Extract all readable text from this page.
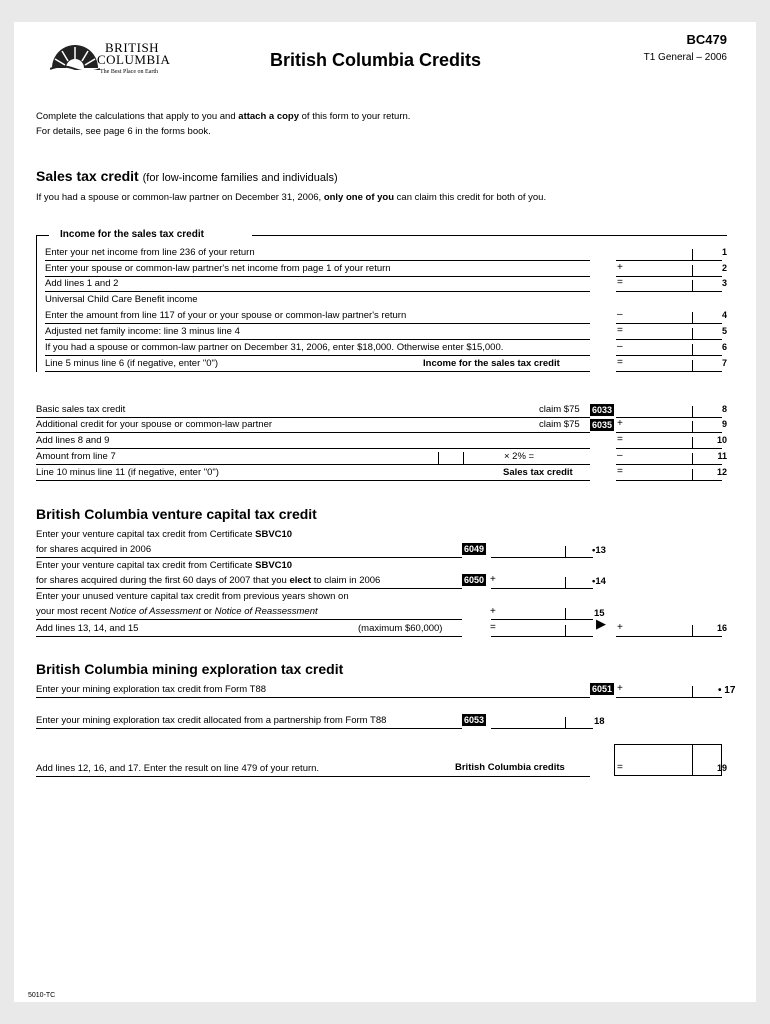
BRITISH
COLUMBIA
The Best Place on Earth
British Columbia Credits
BC479
T1 General – 2006
Complete the calculations that apply to you and attach a copy of this form to your return.
For details, see page 6 in the forms book.
Sales tax credit (for low-income families and individuals)
If you had a spouse or common-law partner on December 31, 2006, only one of you can claim this credit for both of you.
Income for the sales tax credit
Enter your net income from line 236 of your return	1
Enter your spouse or common-law partner's net income from page 1 of your return	+	2
Add lines 1 and 2	=	3
Universal Child Care Benefit income
Enter the amount from line 117 of your or your spouse or common-law partner's return	–	4
Adjusted net family income: line 3 minus line 4	=	5
If you had a spouse or common-law partner on December 31, 2006, enter $18,000. Otherwise enter $15,000.	–	6
Line 5 minus line 6 (if negative, enter "0")	Income for the sales tax credit	=	7
Basic sales tax credit	claim $75 6033	8
Additional credit for your spouse or common-law partner	claim $75 6035 +	9
Add lines 8 and 9	=	10
Amount from line 7	× 2% =	–	11
Line 10 minus line 11 (if negative, enter "0")	Sales tax credit	=	12
British Columbia venture capital tax credit
Enter your venture capital tax credit from Certificate SBVC10
for shares acquired in 2006	6049	•13
Enter your venture capital tax credit from Certificate SBVC10
for shares acquired during the first 60 days of 2007 that you elect to claim in 2006	6050 +	•14
Enter your unused venture capital tax credit from previous years shown on
your most recent Notice of Assessment or Notice of Reassessment	+	15
Add lines 13, 14, and 15	(maximum $60,000)	=	▶ +	16
British Columbia mining exploration tax credit
Enter your mining exploration tax credit from Form T88	6051 +	• 17
Enter your mining exploration tax credit allocated from a partnership from Form T88	6053	18
Add lines 12, 16, and 17. Enter the result on line 479 of your return.	British Columbia credits	=	19
5010-TC
